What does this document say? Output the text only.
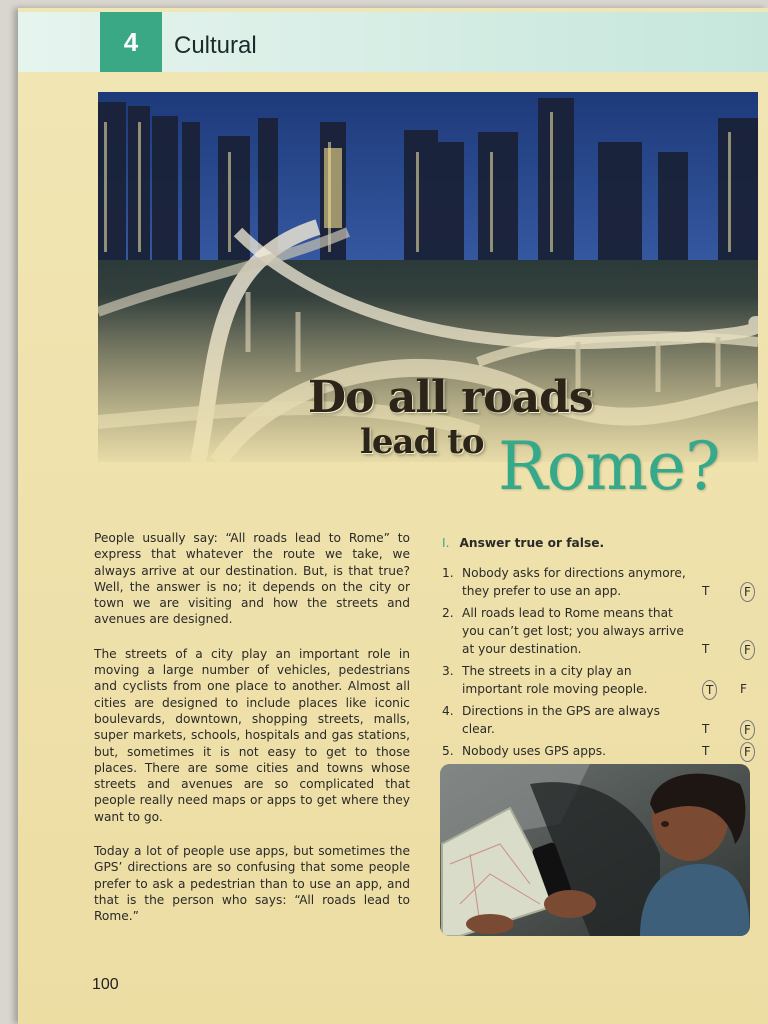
4 Cultural
Do all roads
lead to Rome?

People usually say: “All roads lead to Rome” to express that whatever the route we take, we always arrive at our destination. But, is that true? Well, the answer is no; it depends on the city or town we are visiting and how the streets and avenues are designed.

The streets of a city play an important role in moving a large number of vehicles, pedestrians and cyclists from one place to another. Almost all cities are designed to include places like iconic boulevards, downtown, shopping streets, malls, super markets, schools, hospitals and gas stations, but, sometimes it is not easy to get to those places. There are some cities and towns whose streets and avenues are so complicated that people really need maps or apps to get where they want to go.

Today a lot of people use apps, but sometimes the GPS’ directions are so confusing that some people prefer to ask a pedestrian than to use an app, and that is the person who says: “All roads lead to Rome.”

I. Answer true or false.
1. Nobody asks for directions anymore, they prefer to use an app.	T	F
2. All roads lead to Rome means that you can’t get lost; you always arrive at your destination.	T	F
3. The streets in a city play an important role moving people.	T	F
4. Directions in the GPS are always clear.	T	F
5. Nobody uses GPS apps.	T	F
100
